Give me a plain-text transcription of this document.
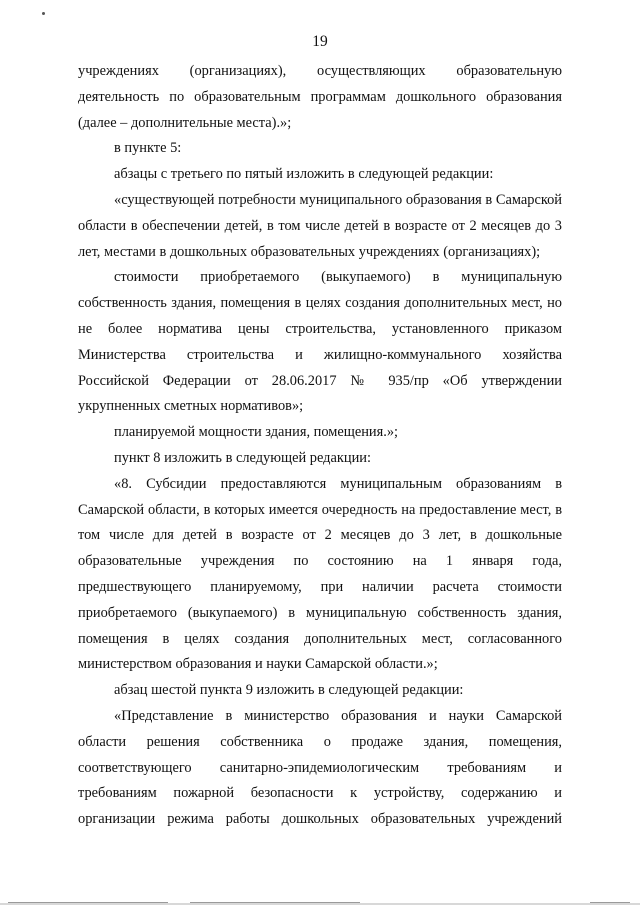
19

учреждениях (организациях), осуществляющих образовательную деятельность по образовательным программам дошкольного образования (далее – дополнительные места).»;

в пункте 5:

абзацы с третьего по пятый изложить в следующей редакции:

«существующей потребности муниципального образования в Самарской области в обеспечении детей, в том числе детей в возрасте от 2 месяцев до 3 лет, местами в дошкольных образовательных учреждениях (организациях);

стоимости приобретаемого (выкупаемого) в муниципальную собственность здания, помещения в целях создания дополнительных мест, но не более норматива цены строительства, установленного приказом Министерства строительства и жилищно-коммунального хозяйства Российской Федерации от 28.06.2017 № 935/пр «Об утверждении укрупненных сметных нормативов»;

планируемой мощности здания, помещения.»;

пункт 8 изложить в следующей редакции:

«8. Субсидии предоставляются муниципальным образованиям в Самарской области, в которых имеется очередность на предоставление мест, в том числе для детей в возрасте от 2 месяцев до 3 лет, в дошкольные образовательные учреждения по состоянию на 1 января года, предшествующего планируемому, при наличии расчета стоимости приобретаемого (выкупаемого) в муниципальную собственность здания, помещения в целях создания дополнительных мест, согласованного министерством образования и науки Самарской области.»;

абзац шестой пункта 9 изложить в следующей редакции:

«Представление в министерство образования и науки Самарской области решения собственника о продаже здания, помещения, соответствующего санитарно-эпидемиологическим требованиям и требованиям пожарной безопасности к устройству, содержанию и организации режима работы дошкольных образовательных учреждений
